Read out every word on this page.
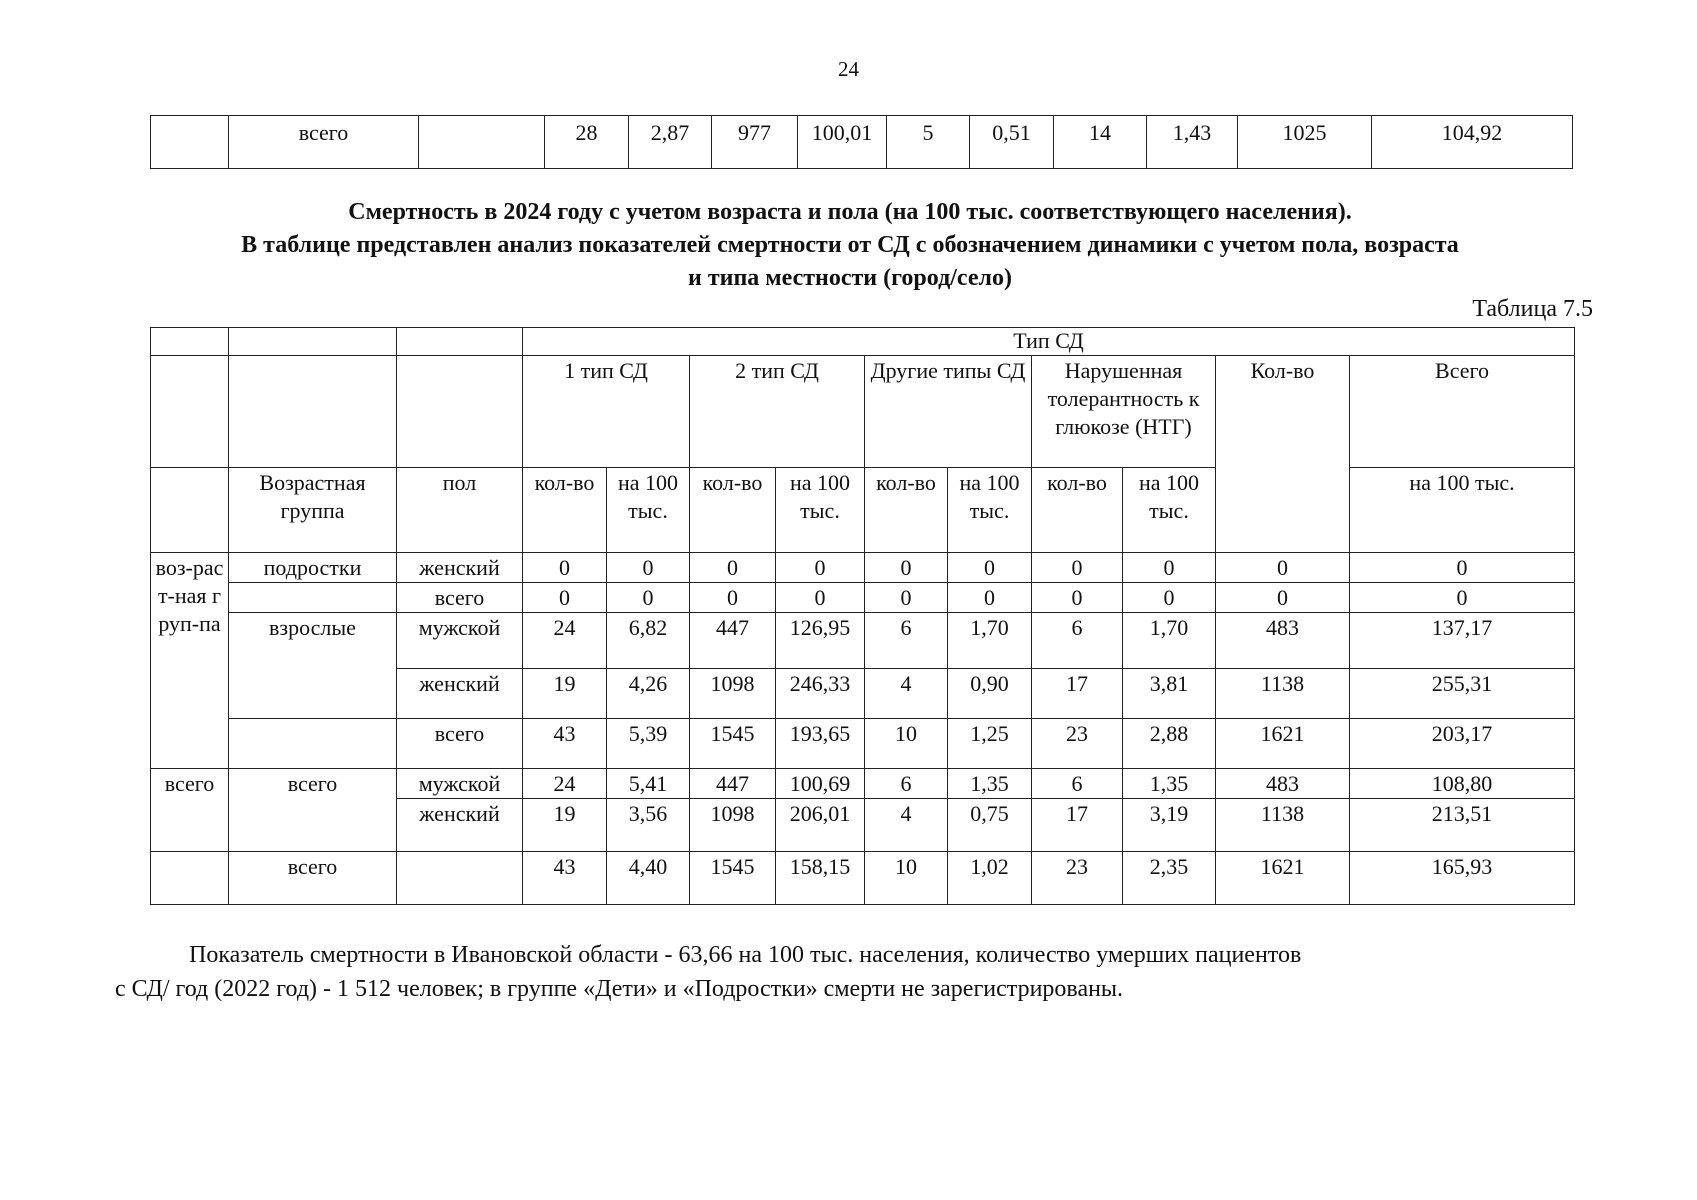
24
	всего		28	2,87	977	100,01	5	0,51	14	1,43	1025	104,92
Смертность в 2024 году с учетом возраста и пола (на 100 тыс. соответствующего населения).
В таблице представлен анализ показателей смертности от СД с обозначением динамики с учетом пола, возраста
и типа местности (город/село)
Таблица 7.5
			Тип СД									
			1 тип СД		2 тип СД		Другие типы СД		Нарушенная толерантность к глюкозе (НТГ)		Кол-во	Всего
	Возрастная группа	пол	кол-во	на 100 тыс.	кол-во	на 100 тыс.	кол-во	на 100 тыс.	кол-во	на 100 тыс.		на 100 тыс.
воз-раст-ная груп-па	подростки	женский	0	0	0	0	0	0	0	0	0	0
		всего	0	0	0	0	0	0	0	0	0	0
	взрослые	мужской	24	6,82	447	126,95	6	1,70	6	1,70	483	137,17
		женский	19	4,26	1098	246,33	4	0,90	17	3,81	1138	255,31
		всего	43	5,39	1545	193,65	10	1,25	23	2,88	1621	203,17
всего	всего	мужской	24	5,41	447	100,69	6	1,35	6	1,35	483	108,80
		женский	19	3,56	1098	206,01	4	0,75	17	3,19	1138	213,51
	всего		43	4,40	1545	158,15	10	1,02	23	2,35	1621	165,93
Показатель смертности в Ивановской области - 63,66 на 100 тыс. населения, количество умерших пациентов
с СД/ год (2022 год) - 1 512 человек; в группе «Дети» и «Подростки» смерти не зарегистрированы.
